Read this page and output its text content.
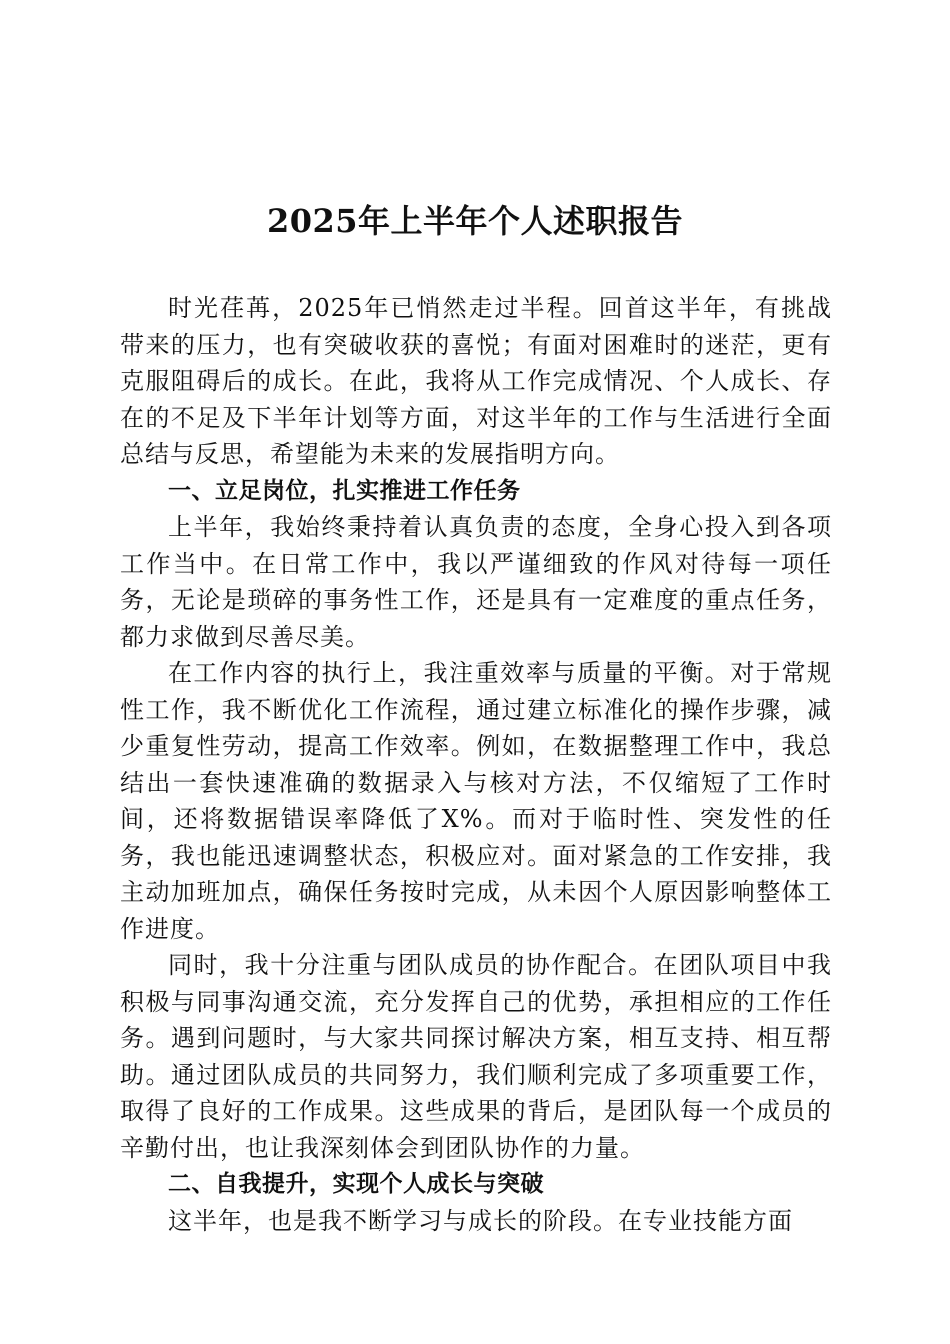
2025年上半年个人述职报告

时光荏苒，2025年已悄然走过半程。回首这半年，有挑战带来的压力，也有突破收获的喜悦；有面对困难时的迷茫，更有克服阻碍后的成长。在此，我将从工作完成情况、个人成长、存在的不足及下半年计划等方面，对这半年的工作与生活进行全面总结与反思，希望能为未来的发展指明方向。

一、立足岗位，扎实推进工作任务

上半年，我始终秉持着认真负责的态度，全身心投入到各项工作当中。在日常工作中，我以严谨细致的作风对待每一项任务，无论是琐碎的事务性工作，还是具有一定难度的重点任务，都力求做到尽善尽美。

在工作内容的执行上，我注重效率与质量的平衡。对于常规性工作，我不断优化工作流程，通过建立标准化的操作步骤，减少重复性劳动，提高工作效率。例如，在数据整理工作中，我总结出一套快速准确的数据录入与核对方法，不仅缩短了工作时间，还将数据错误率降低了X%。而对于临时性、突发性的任务，我也能迅速调整状态，积极应对。面对紧急的工作安排，我主动加班加点，确保任务按时完成，从未因个人原因影响整体工作进度。

同时，我十分注重与团队成员的协作配合。在团队项目中我积极与同事沟通交流，充分发挥自己的优势，承担相应的工作任务。遇到问题时，与大家共同探讨解决方案，相互支持、相互帮助。通过团队成员的共同努力，我们顺利完成了多项重要工作，取得了良好的工作成果。这些成果的背后，是团队每一个成员的辛勤付出，也让我深刻体会到团队协作的力量。

二、自我提升，实现个人成长与突破

这半年，也是我不断学习与成长的阶段。在专业技能方面
